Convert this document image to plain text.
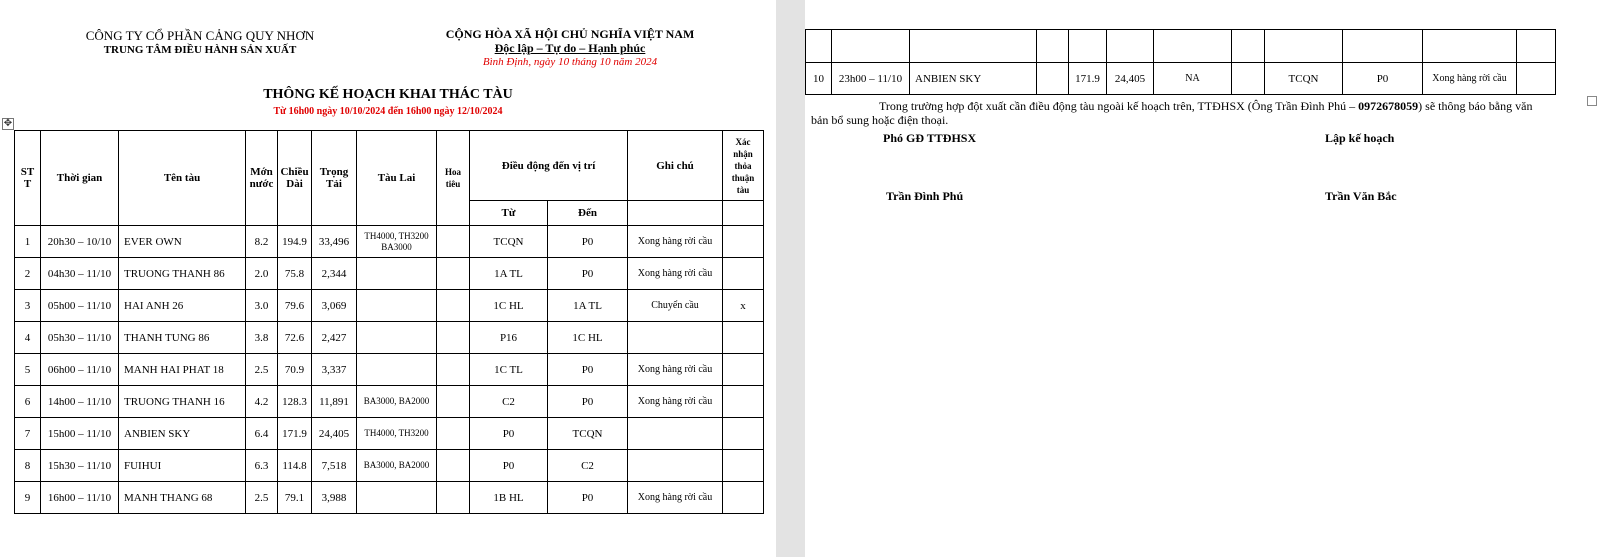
CÔNG TY CỔ PHẦN CẢNG QUY NHƠN
TRUNG TÂM ĐIỀU HÀNH SẢN XUẤT
CỘNG HÒA XÃ HỘI CHỦ NGHĨA VIỆT NAM
Độc lập – Tự do – Hạnh phúc
Bình Định, ngày 10 tháng 10 năm 2024
THÔNG KẾ HOẠCH KHAI THÁC TÀU
Từ 16h00 ngày 10/10/2024 đến 16h00 ngày 12/10/2024
✥
ST T	Thời gian	Tên tàu	Mớn nước	Chiều Dài	Trọng Tải	Tàu Lai	Hoa tiêu	Điều động đến vị trí		Ghi chú	Xác nhận thỏa thuận tàu
								Từ	Đến		
1	20h30 – 10/10	EVER OWN	8.2	194.9	33,496	TH4000, TH3200 BA3000		TCQN	P0	Xong hàng rời cầu	
2	04h30 – 11/10	TRUONG THANH 86	2.0	75.8	2,344			1A TL	P0	Xong hàng rời cầu	
3	05h00 – 11/10	HAI ANH 26	3.0	79.6	3,069			1C HL	1A TL	Chuyển cầu	x
4	05h30 – 11/10	THANH TUNG 86	3.8	72.6	2,427			P16	1C HL		
5	06h00 – 11/10	MANH HAI PHAT 18	2.5	70.9	3,337			1C TL	P0	Xong hàng rời cầu	
6	14h00 – 11/10	TRUONG THANH 16	4.2	128.3	11,891	BA3000, BA2000		C2	P0	Xong hàng rời cầu	
7	15h00 – 11/10	ANBIEN SKY	6.4	171.9	24,405	TH4000, TH3200		P0	TCQN		
8	15h30 – 11/10	FUIHUI	6.3	114.8	7,518	BA3000, BA2000		P0	C2		
9	16h00 – 11/10	MANH THANG 68	2.5	79.1	3,988			1B HL	P0	Xong hàng rời cầu	

10	23h00 – 11/10	ANBIEN SKY		171.9	24,405	NA		TCQN	P0	Xong hàng rời cầu	
Trong trường hợp đột xuất cần điều động tàu ngoài kế hoạch trên, TTĐHSX (Ông Trần Đình Phú – 0972678059) sẽ thông báo bằng văn bản bổ sung hoặc điện thoại.
Phó GĐ TTĐHSX	Lập kế hoạch
Trần Đình Phú	Trần Văn Bắc
